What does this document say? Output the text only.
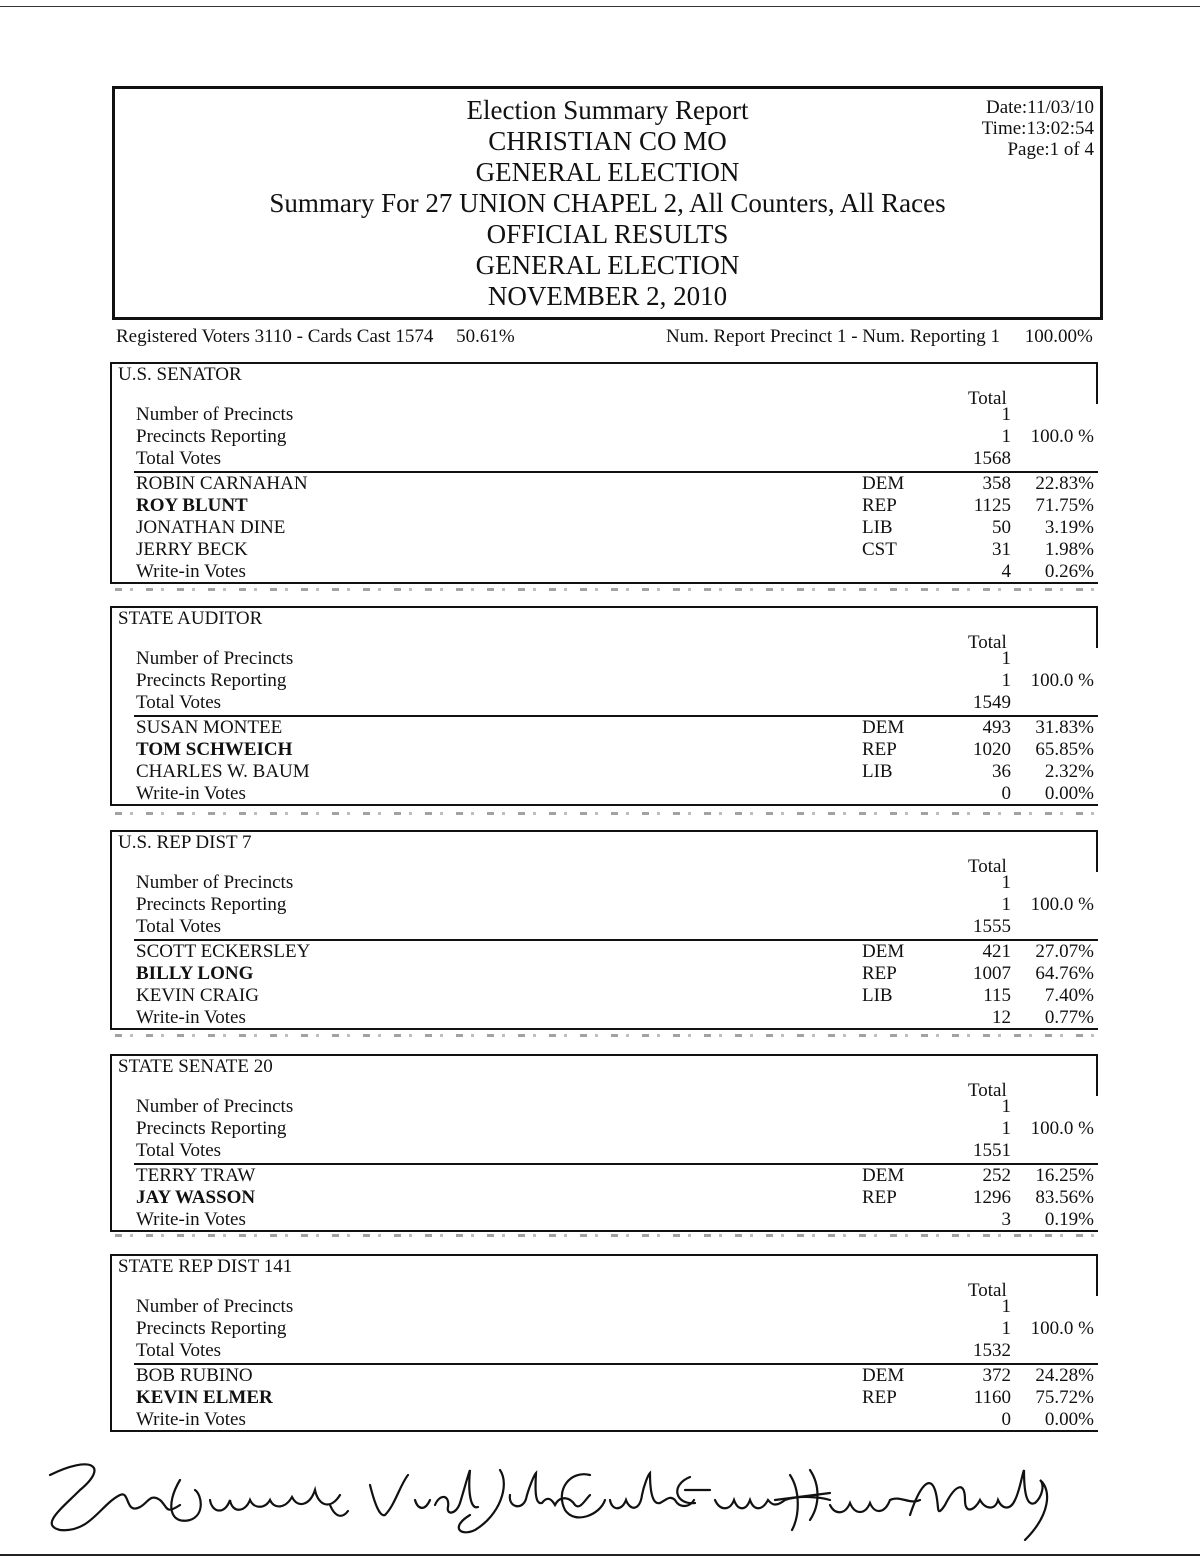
Election Summary Report
CHRISTIAN CO MO
GENERAL ELECTION
Summary For 27 UNION CHAPEL 2, All Counters, All Races
OFFICIAL RESULTS
GENERAL ELECTION
NOVEMBER 2, 2010
Date:11/03/10
Time:13:02:54
Page:1 of 4
Registered Voters 3110 - Cards Cast 1574 50.61%	Num. Report Precinct 1 - Num. Reporting 1 100.00%
U.S. SENATOR
Total
Number of Precincts	1
Precincts Reporting	1 100.0 %
Total Votes	1568
ROBIN CARNAHAN	DEM	358 22.83%
ROY BLUNT	REP	1125 71.75%
JONATHAN DINE	LIB	50 3.19%
JERRY BECK	CST	31 1.98%
Write-in Votes	4 0.26%
STATE AUDITOR
Total
Number of Precincts	1
Precincts Reporting	1 100.0 %
Total Votes	1549
SUSAN MONTEE	DEM	493 31.83%
TOM SCHWEICH	REP	1020 65.85%
CHARLES W. BAUM	LIB	36 2.32%
Write-in Votes	0 0.00%
U.S. REP DIST 7
Total
Number of Precincts	1
Precincts Reporting	1 100.0 %
Total Votes	1555
SCOTT ECKERSLEY	DEM	421 27.07%
BILLY LONG	REP	1007 64.76%
KEVIN CRAIG	LIB	115 7.40%
Write-in Votes	12 0.77%
STATE SENATE 20
Total
Number of Precincts	1
Precincts Reporting	1 100.0 %
Total Votes	1551
TERRY TRAW	DEM	252 16.25%
JAY WASSON	REP	1296 83.56%
Write-in Votes	3 0.19%
STATE REP DIST 141
Total
Number of Precincts	1
Precincts Reporting	1 100.0 %
Total Votes	1532
BOB RUBINO	DEM	372 24.28%
KEVIN ELMER	REP	1160 75.72%
Write-in Votes	0 0.00%
